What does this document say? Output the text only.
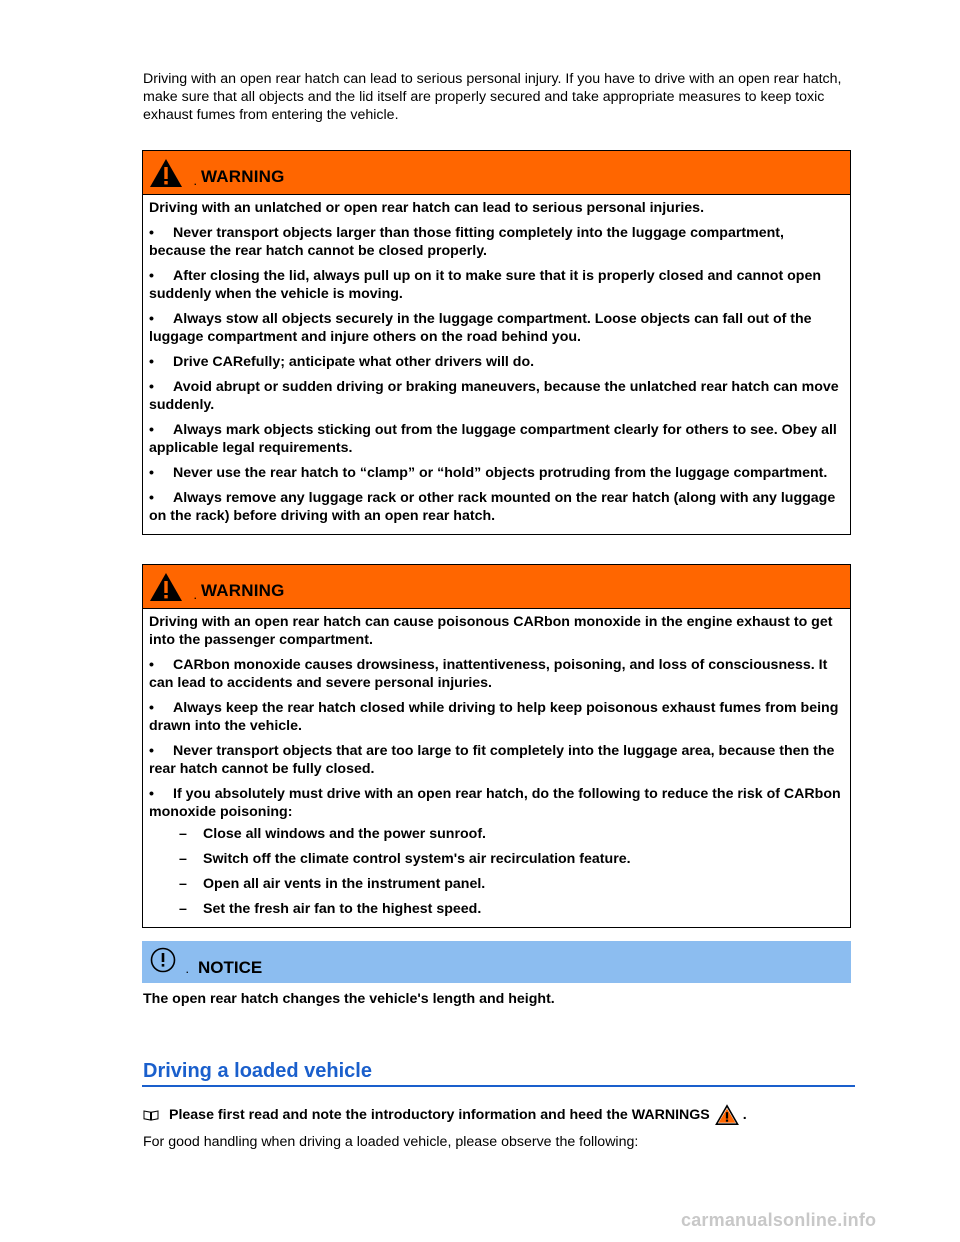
Driving with an open rear hatch can lead to serious personal injury. If you have to drive with an open rear hatch, make sure that all objects and the lid itself are properly secured and take appropriate measures to keep toxic exhaust fumes from entering the vehicle.
. WARNING

Driving with an unlatched or open rear hatch can lead to serious personal injuries.

• Never transport objects larger than those fitting completely into the luggage compartment, because the rear hatch cannot be closed properly.

• After closing the lid, always pull up on it to make sure that it is properly closed and cannot open suddenly when the vehicle is moving.

• Always stow all objects securely in the luggage compartment. Loose objects can fall out of the luggage compartment and injure others on the road behind you.

• Drive CARefully; anticipate what other drivers will do.

• Avoid abrupt or sudden driving or braking maneuvers, because the unlatched rear hatch can move suddenly.

• Always mark objects sticking out from the luggage compartment clearly for others to see. Obey all applicable legal requirements.

• Never use the rear hatch to “clamp” or “hold” objects protruding from the luggage compartment.

• Always remove any luggage rack or other rack mounted on the rear hatch (along with any luggage on the rack) before driving with an open rear hatch.

. WARNING

Driving with an open rear hatch can cause poisonous CARbon monoxide in the engine exhaust to get into the passenger compartment.

• CARbon monoxide causes drowsiness, inattentiveness, poisoning, and loss of consciousness. It can lead to accidents and severe personal injuries.

• Always keep the rear hatch closed while driving to help keep poisonous exhaust fumes from being drawn into the vehicle.

• Never transport objects that are too large to fit completely into the luggage area, because then the rear hatch cannot be fully closed.

• If you absolutely must drive with an open rear hatch, do the following to reduce the risk of CARbon monoxide poisoning:

– Close all windows and the power sunroof.

– Switch off the climate control system's air recirculation feature.

– Open all air vents in the instrument panel.

– Set the fresh air fan to the highest speed.

. NOTICE
The open rear hatch changes the vehicle's length and height.
Driving a loaded vehicle
Please first read and note the introductory information and heed the WARNINGS .
For good handling when driving a loaded vehicle, please observe the following:
carmanualsonline.info
